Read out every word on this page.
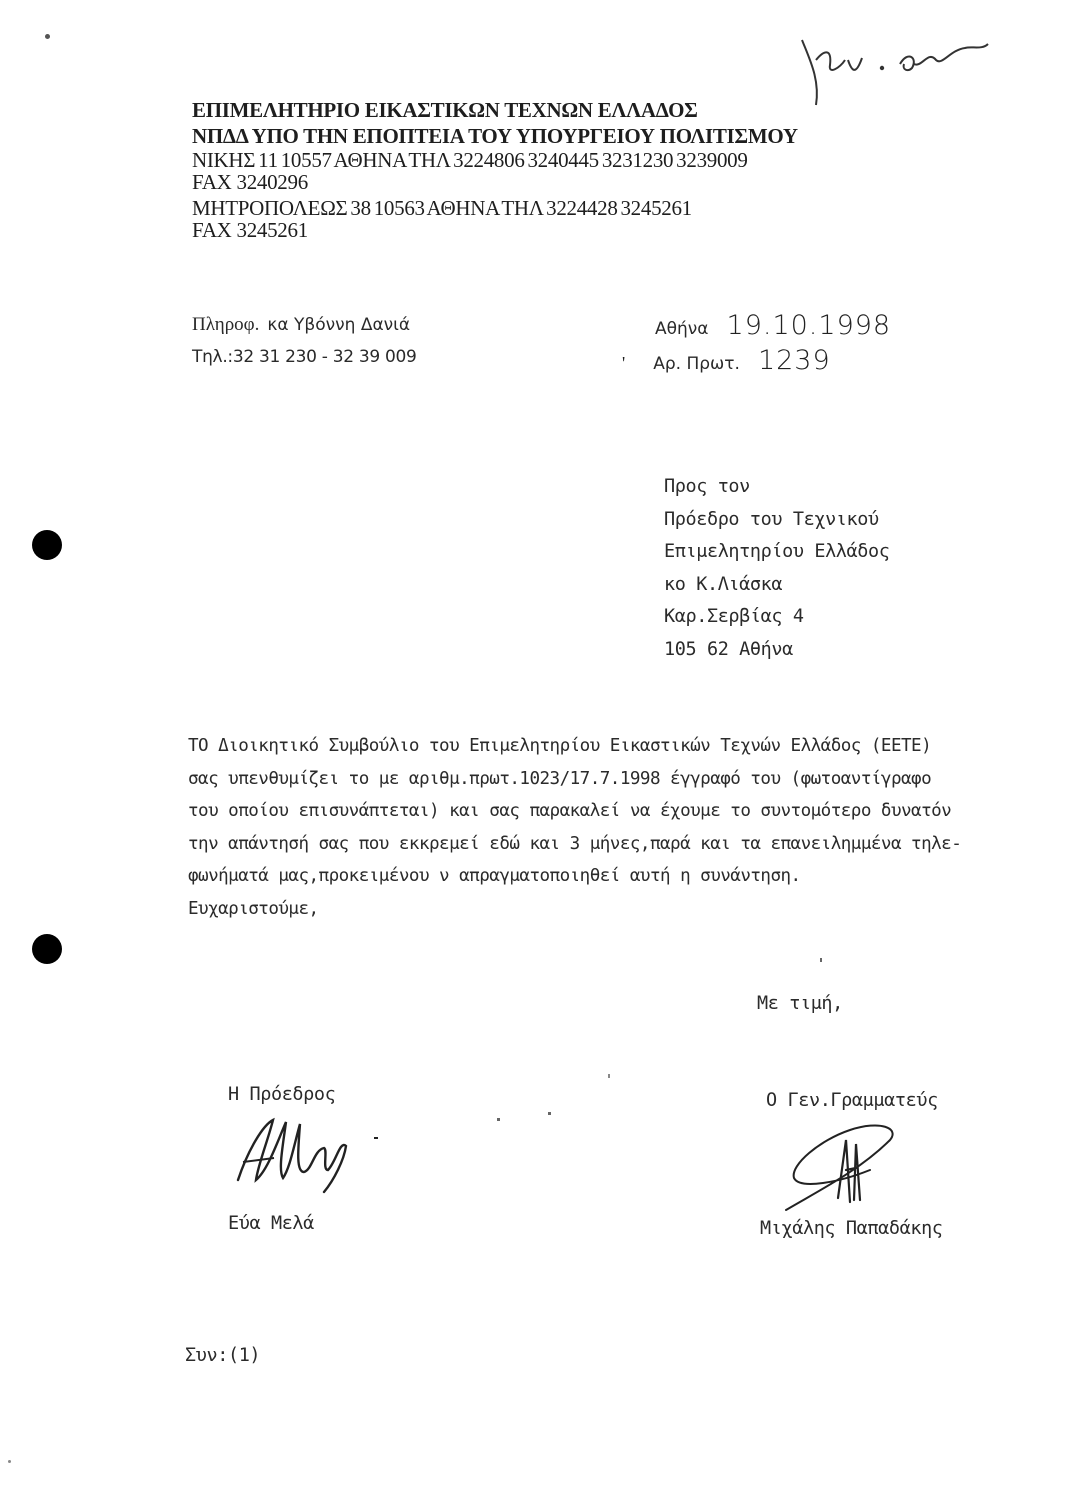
ΕΠΙΜΕΛΗΤΗΡΙΟ ΕΙΚΑΣΤΙΚΩΝ ΤΕΧΝΩΝ ΕΛΛΑΔΟΣ
ΝΠΔΔ ΥΠΟ ΤΗΝ ΕΠΟΠΤΕΙΑ ΤΟΥ ΥΠΟΥΡΓΕΙΟΥ ΠΟΛΙΤΙΣΜΟΥ
ΝΙΚΗΣ 11 10557 ΑΘΗΝΑ ΤΗΛ 3224806 3240445 3231230 3239009
FAX 3240296
ΜΗΤΡΟΠΟΛΕΩΣ 38 10563 ΑΘΗΝΑ ΤΗΛ 3224428 3245261
FAX 3245261
Πληροφ. κα Υβόννη Δανιά
Τηλ.:32 31 230 - 32 39 009
Αθήνα 19.10.1998
' Αρ. Πρωτ. 1239
Προς τον
Πρόεδρο του Τεχνικού
Επιμελητηρίου Ελλάδος
κο Κ.Λιάσκα
Καρ.Σερβίας 4
105 62 Αθήνα
ΤΟ Διοικητικό Συμβούλιο του Επιμελητηρίου Εικαστικών Τεχνών Ελλάδος (ΕΕΤΕ)
σας υπενθυμίζει το με αριθμ.πρωτ.1023/17.7.1998 έγγραφό του (φωτοαντίγραφο
του οποίου επισυνάπτεται) και σας παρακαλεί να έχουμε το συντομότερο δυνατόν
την απάντησή σας που εκκρεμεί εδώ και 3 μήνες,παρά και τα επανειλημμένα τηλε-
φωνήματά μας,προκειμένου ν απραγματοποιηθεί αυτή η συνάντηση.
Ευχαριστούμε,
Με τιμή,
Η Πρόεδρος
Εύα Μελά
Ο Γεν.Γραμματεύς
Μιχάλης Παπαδάκης
Συν:(1)
